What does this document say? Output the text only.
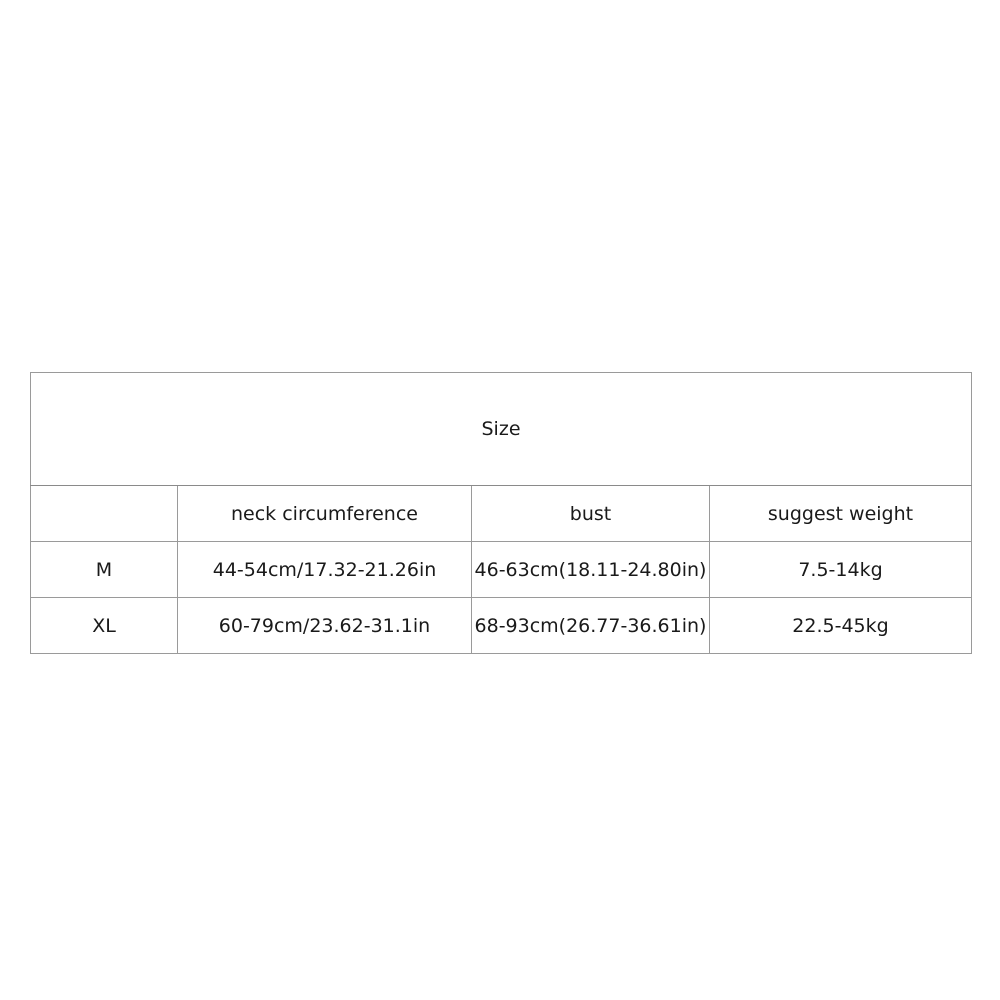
Size			
	neck circumference	bust	suggest weight
M	44-54cm/17.32-21.26in	46-63cm(18.11-24.80in)	7.5-14kg
XL	60-79cm/23.62-31.1in	68-93cm(26.77-36.61in)	22.5-45kg
